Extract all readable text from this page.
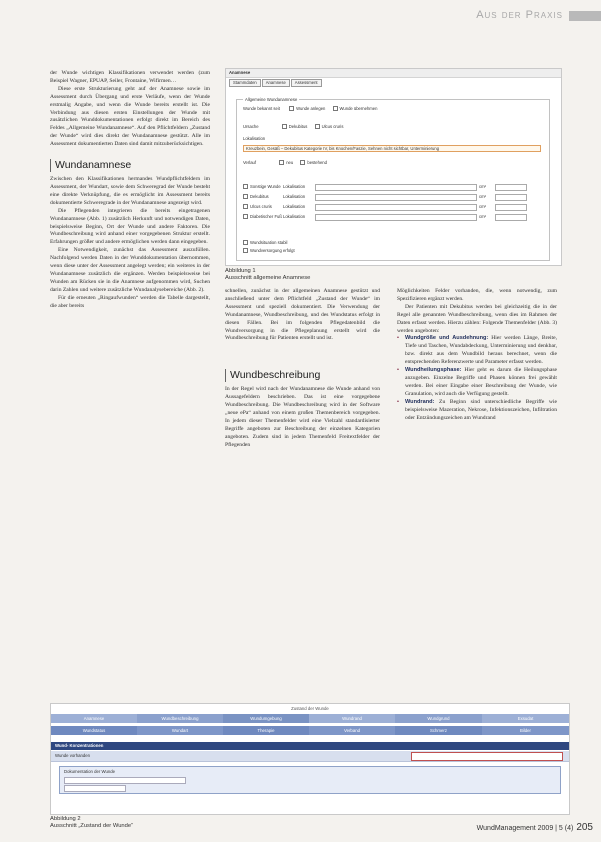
Aus der Praxis

der Wunde wichtigen Klassifikationen verwendet werden (zum Beispiel Wagner, EPUAP, Seiler, Frontaine, Wifirmen…

Diese erste Strukturierung geht auf der Anamnese sowie im Assessment durch Übergang und erste Verläufe, wenn der Wunde erstmalig Angabe, und wenn die Wunde bereits erstellt ist. Die Verbindung aus diesen ersten Einstellungen der Wunde mit zusätzlichen Wunddokumentationen erfolgt direkt im Bereich des Feldes „Allgemeine Wundanamnese“. Auf den Pflichtfeldern „Zustand der Wunde“ wird dies direkt der Wundanamnese gestützt. Alle im Assessment dokumentierten Daten sind damit mitzuberücksichtigen.

Wundanamnese

Zwischen den Klassifikationen hermandes Wundpflichtfeldern im Assessment, der Wundart, sowie dem Schweregrad der Wunde besteht eine direkte Verknüpfung, die es ermöglicht im Assessment bereits dokumentierte Schweregrade in der Wundanamnese angezeigt wird.

Die Pflegenden integrieren die bereits eingetragenen Wundanamnese (Abb. 1) zusätzlich Herkunft und notwendigen Daten, beispielsweise Beginn, Ort der Wunde und andere Faktoren. Die Wundbeschreibung wird anhand einer vorgegebenen Struktur erstellt. Erfahrungen größer und andere ermöglichen werden dann eingegeben.

Eine Notwendigkeit, zunächst das Assessment auszufüllen. Nachfolgend werden Daten in der Wunddokumentation übernommen, wenn diese unter der Assessment angelegt werden; ein weiteres in der Wundanamnese zusätzlich die ergänzen. Werden beispielsweise bei Wunden am Rücken sie in die Anamnese aufgenommen wird, Suchen darin Zahlen und weitere zusätzliche Wundanalysebereiche (Abb. 2).

Für die erneuten „Ringaufwunden“ werden die Tabelle dargestellt, die aber bereits

Anamnese
Stammdaten Anamnese Assessment
Allgemeine Wundanamnese
Wunde bekannt seit	Wunde anlegen	Wunde übernehmen
Ursache	Dekubitus	Ulcus cruris
Lokalisation
Kreuzbein, Gesäß – Dekubitus Kategorie IV, bis Knochen/Faszie, Sehnen nicht sichtbar, Unterminierung
Verlauf	neu	bestehend
Sonstige Wunde Lokalisation	cm²
Dekubitus	Lokalisation	cm²
Ulcus cruris	Lokalisation	cm²
Diabetischer Fuß Lokalisation	cm²
Wundsituation stabil
Wundversorgung erfolgt
Abbildung 1
Ausschnitt allgemeine Anamnese

schnellen, zunächst in der allgemeinen Anamnese gestützt und anschließend unter dem Pflichtfeld „Zustand der Wunde“ im Assessment und speziell dokumentiert. Die Verwendung der Wundanamnese, Wundbeschreibung, und des Wundstatus erfolgt in diesen Fällen. Bei im folgenden Pflegedatenbild die Wundversorgung in die Pflegeplanung erstellt wird die Wundbeschreibung für Patienten erstellt und ist.

Wundbeschreibung

In der Regel wird nach der Wundanamnese die Wunde anhand von Aussagefeldern beschrieben. Das ist eine vorgegebene Wundbeschreibung. Die Wundbeschreibung wird in der Software „neue ePa“ anhand von einem großen Themenbereich vorgegeben. In jedem dieser Themenfelder wird eine Vielzahl standardisierter Begriffe angeboten zur Beschreibung der einzelnen Kategorien angeboten. Zudem sind in jedem Themenfeld Freitextfelder der Pflegenden

Möglichkeiten Felder vorhanden, die, wenn notwendig, zum Spezifizieren ergänzt werden.

Der Patienten mit Dekubitus werden bei gleichzeitig die in der Regel alle genannten Wundbeschreibung, wenn dies im Rahmen der Daten erfasst werden. Hierzu zählen: Folgende Themenfelder (Abb. 3) werden angeboten:

• Wundgröße und Ausdehnung: Hier werden Länge, Breite, Tiefe und Taschen, Wundabdeckung, Unterminierung und denkbar, bzw. direkt aus dem Wundbild heraus berechnet, wenn die entsprechenden Referenzwerte und Parameter erfasst werden.

• Wundheilungsphase: Hier geht es darum die Heilungsphase anzugeben. Einzelne Begriffe und Phasen können frei gewählt werden. Bei einer Eingabe einer Beschreibung der Wunde, wie Granulation, wird auch die Verfügung gestellt.

• Wundrand: Zu Beginn sind unterschiedliche Begriffe wie beispielsweise Mazeration, Nekrose, Infektionszeichen, Infiltration oder Entzündungszeichen am Wundrand

Zustand der Wunde
Anamnese	Wundbeschreibung	Wundumgebung	Wundrand	Wundgrund	Exsudat
Wundstatus	Wundart	Therapie	Verband	Schmerz	Bilder
Wund- Konzentrationen
Wunde vorhanden
Dokumentation der Wunde
Abbildung 2
Ausschnitt „Zustand der Wunde“	WundManagement 2009 | 5 (4) 205
